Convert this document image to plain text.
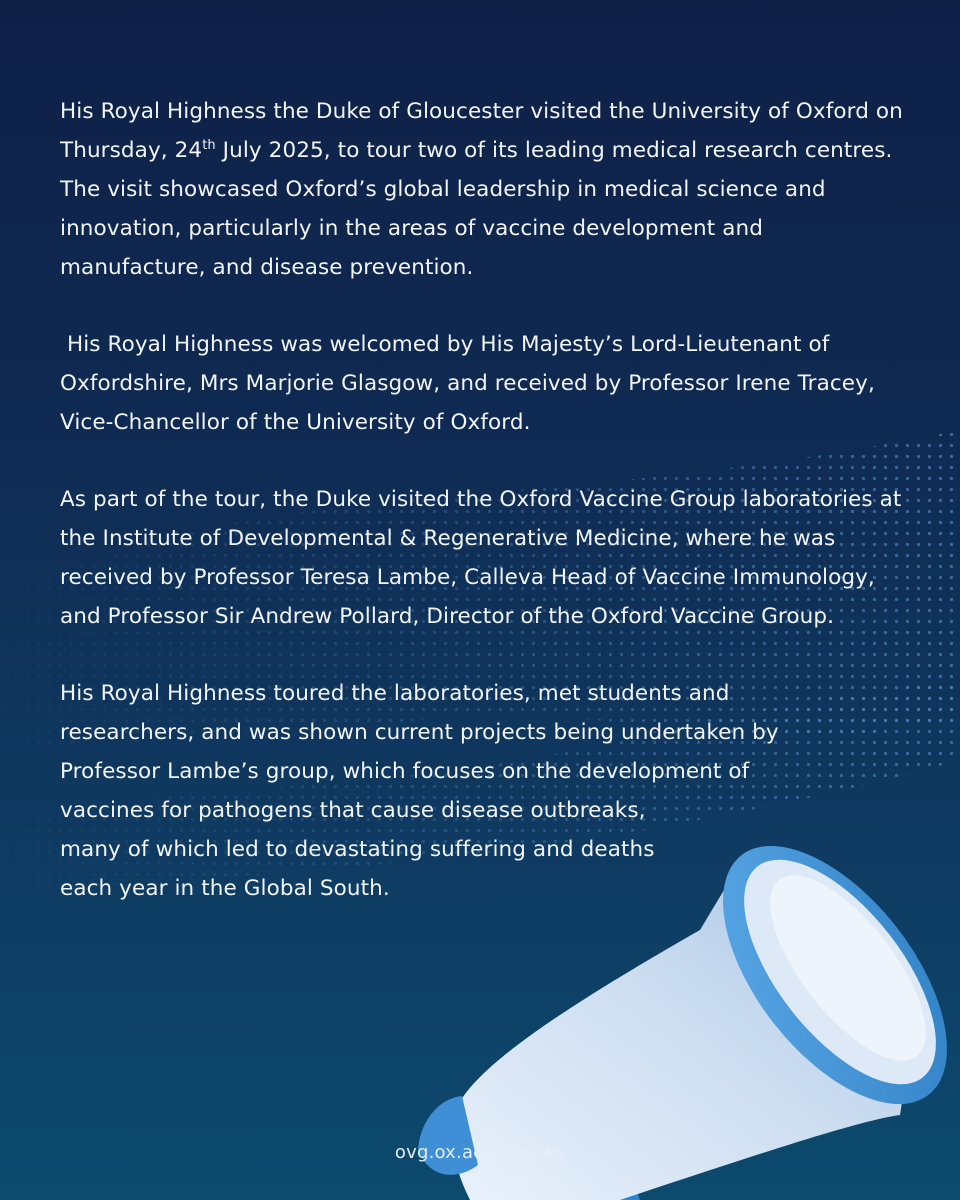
His Royal Highness the Duke of Gloucester visited the University of Oxford on Thursday, 24th July 2025, to tour two of its leading medical research centres. The visit showcased Oxford’s global leadership in medical science and innovation, particularly in the areas of vaccine development and manufacture, and disease prevention.

His Royal Highness was welcomed by His Majesty’s Lord-Lieutenant of Oxfordshire, Mrs Marjorie Glasgow, and received by Professor Irene Tracey, Vice-Chancellor of the University of Oxford.

As part of the tour, the Duke visited the Oxford Vaccine Group laboratories at the Institute of Developmental & Regenerative Medicine, where he was received by Professor Teresa Lambe, Calleva Head of Vaccine Immunology, and Professor Sir Andrew Pollard, Director of the Oxford Vaccine Group.

His Royal Highness toured the laboratories, met students and
researchers, and was shown current projects being undertaken by
Professor Lambe’s group, which focuses on the development of
vaccines for pathogens that cause disease outbreaks,
many of which led to devastating suffering and deaths
each year in the Global South.

ovg.ox.ac.uk/news
